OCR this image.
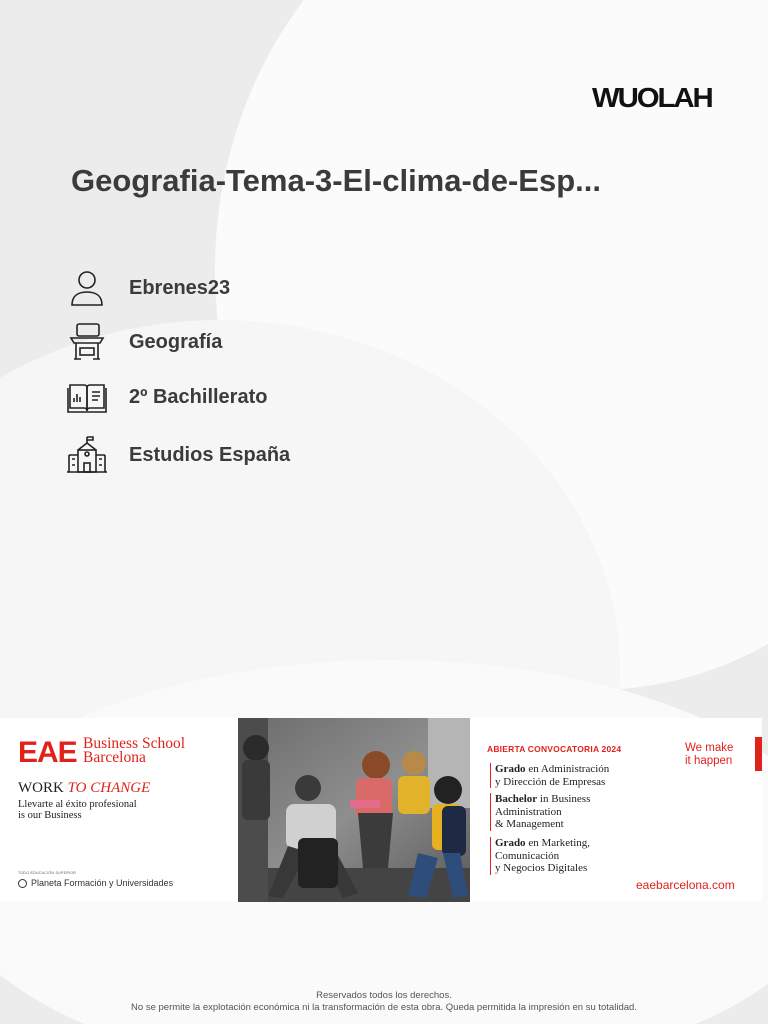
WUOLAH
Geografia-Tema-3-El-clima-de-Esp...
Ebrenes23
Geografía
2º Bachillerato
Estudios España
EAE Business School
Barcelona
WORK TO CHANGE
Llevarte al éxito profesional
is our Business
TODO EDUCACIÓN SUPERIOR
Planeta Formación y Universidades
ABIERTA CONVOCATORIA 2024	We make
it happen
Grado en Administración
y Dirección de Empresas
Bachelor in Business
Administration
& Management
Grado en Marketing,
Comunicación
y Negocios Digitales
eaebarcelona.com
Reservados todos los derechos.
No se permite la explotación económica ni la transformación de esta obra. Queda permitida la impresión en su totalidad.
